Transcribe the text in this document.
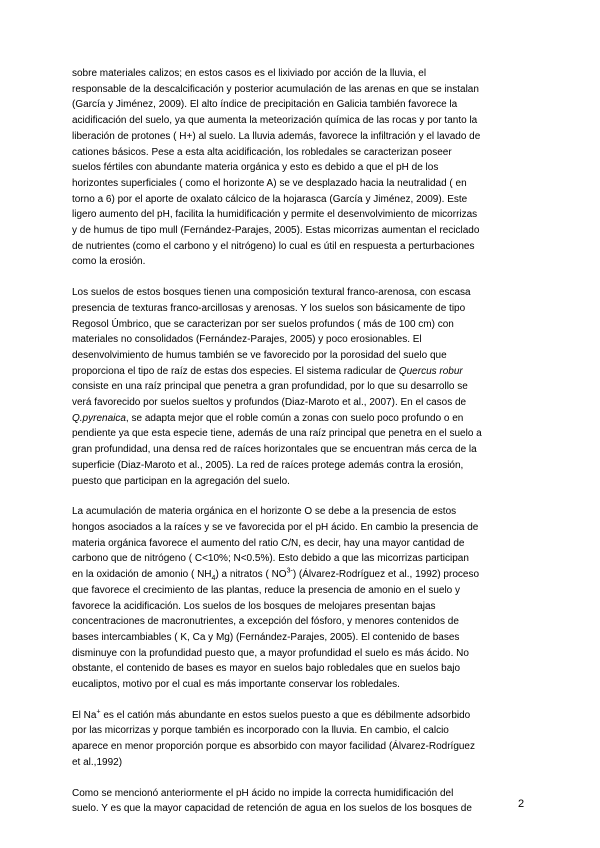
sobre materiales calizos; en estos casos es el lixiviado por acción de la lluvia, el
responsable de la descalcificación y posterior acumulación de las arenas en que se instalan
(García y Jiménez, 2009). El alto índice de precipitación en Galicia también favorece la
acidificación del suelo, ya que aumenta la meteorización química de las rocas y por tanto la
liberación de protones ( H+) al suelo. La lluvia además, favorece la infiltración y el lavado de
cationes básicos. Pese a esta alta acidificación, los robledales se caracterizan poseer
suelos fértiles con abundante materia orgánica y esto es debido a que el pH de los
horizontes superficiales ( como el horizonte A) se ve desplazado hacia la neutralidad ( en
torno a 6) por el aporte de oxalato cálcico de la hojarasca (García y Jiménez, 2009). Este
ligero aumento del pH, facilita la humidificación y permite el desenvolvimiento de micorrizas
y de humus de tipo mull (Fernández-Parajes, 2005). Estas micorrizas aumentan el reciclado
de nutrientes (como el carbono y el nitrógeno) lo cual es útil en respuesta a perturbaciones
como la erosión.

Los suelos de estos bosques tienen una composición textural franco-arenosa, con escasa
presencia de texturas franco-arcillosas y arenosas. Y los suelos son básicamente de tipo
Regosol Úmbrico, que se caracterizan por ser suelos profundos ( más de 100 cm) con
materiales no consolidados (Fernández-Parajes, 2005) y poco erosionables. El
desenvolvimiento de humus también se ve favorecido por la porosidad del suelo que
proporciona el tipo de raíz de estas dos especies. El sistema radicular de Quercus robur
consiste en una raíz principal que penetra a gran profundidad, por lo que su desarrollo se
verá favorecido por suelos sueltos y profundos (Diaz-Maroto et al., 2007). En el casos de
Q.pyrenaica, se adapta mejor que el roble común a zonas con suelo poco profundo o en
pendiente ya que esta especie tiene, además de una raíz principal que penetra en el suelo a
gran profundidad, una densa red de raíces horizontales que se encuentran más cerca de la
superficie (Diaz-Maroto et al., 2005). La red de raíces protege además contra la erosión,
puesto que participan en la agregación del suelo.

La acumulación de materia orgánica en el horizonte O se debe a la presencia de estos
hongos asociados a la raíces y se ve favorecida por el pH ácido. En cambio la presencia de
materia orgánica favorece el aumento del ratio C/N, es decir, hay una mayor cantidad de
carbono que de nitrógeno ( C<10%; N<0.5%). Esto debido a que las micorrizas participan
en la oxidación de amonio ( $NH_4$) a nitratos ( $NO^{3-}$) (Álvarez-Rodríguez et al., 1992) proceso
que favorece el crecimiento de las plantas, reduce la presencia de amonio en el suelo y
favorece la acidificación. Los suelos de los bosques de melojares presentan bajas
concentraciones de macronutrientes, a excepción del fósforo, y menores contenidos de
bases intercambiables ( K, Ca y Mg) (Fernández-Parajes, 2005). El contenido de bases
disminuye con la profundidad puesto que, a mayor profundidad el suelo es más ácido. No
obstante, el contenido de bases es mayor en suelos bajo robledales que en suelos bajo
eucaliptos, motivo por el cual es más importante conservar los robledales.

El Na+ es el catión más abundante en estos suelos puesto a que es débilmente adsorbido
por las micorrizas y porque también es incorporado con la lluvia. En cambio, el calcio
aparece en menor proporción porque es absorbido con mayor facilidad (Álvarez-Rodríguez
et al.,1992)

Como se mencionó anteriormente el pH ácido no impide la correcta humidificación del
suelo. Y es que la mayor capacidad de retención de agua en los suelos de los bosques de	2
